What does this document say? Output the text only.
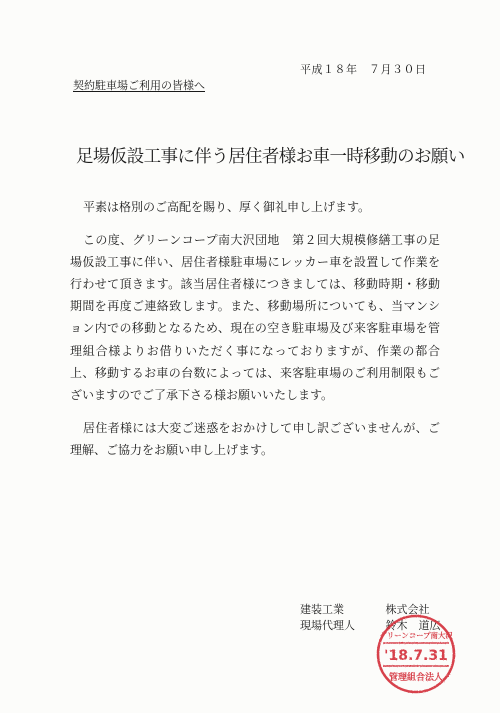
平成１８年　７月３０日
契約駐車場ご利用の皆様へ
足場仮設工事に伴う居住者様お車一時移動のお願い

平素は格別のご高配を賜り、厚く御礼申し上げます。

この度、グリーンコープ南大沢団地　第２回大規模修繕工事の足場仮設工事に伴い、居住者様駐車場にレッカー車を設置して作業を行わせて頂きます。該当居住者様につきましては、移動時期・移動期間を再度ご連絡致します。また、移動場所についても、当マンション内での移動となるため、現在の空き駐車場及び来客駐車場を管理組合様よりお借りいただく事になっておりますが、作業の都合上、移動するお車の台数によっては、来客駐車場のご利用制限もございますのでご了承下さる様お願いいたします。

居住者様には大変ご迷惑をおかけして申し訳ございませんが、ご理解、ご協力をお願い申し上げます。

建装工業	株式会社
現場代理人	鈴木　道広
グリーンコープ南大沢
'18.7.31
管理組合法人
